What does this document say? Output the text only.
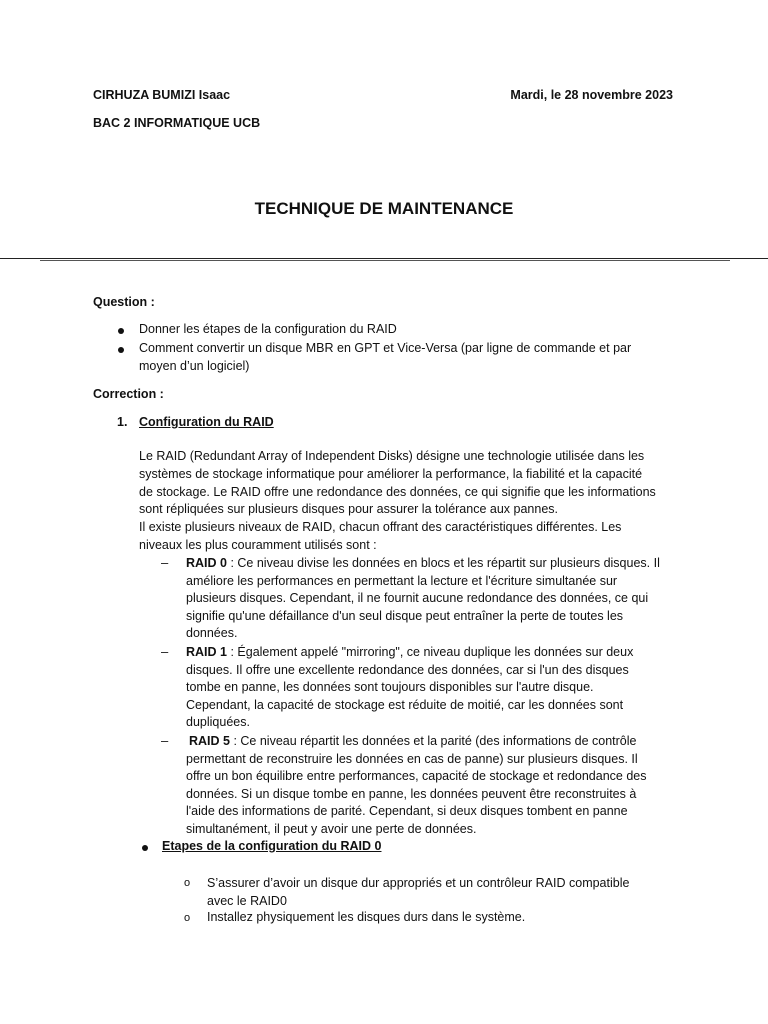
CIRHUZA BUMIZI Isaac	Mardi, le 28 novembre 2023
BAC 2 INFORMATIQUE UCB
TECHNIQUE DE MAINTENANCE
Question :
Donner les étapes de la configuration du RAID
Comment convertir un disque MBR en GPT et Vice-Versa (par ligne de commande et par
moyen d’un logiciel)
Correction :
1. Configuration du RAID
Le RAID (Redundant Array of Independent Disks) désigne une technologie utilisée dans les
systèmes de stockage informatique pour améliorer la performance, la fiabilité et la capacité
de stockage. Le RAID offre une redondance des données, ce qui signifie que les informations
sont répliquées sur plusieurs disques pour assurer la tolérance aux pannes.
Il existe plusieurs niveaux de RAID, chacun offrant des caractéristiques différentes. Les
niveaux les plus couramment utilisés sont :
– RAID 0 : Ce niveau divise les données en blocs et les répartit sur plusieurs disques. Il
améliore les performances en permettant la lecture et l'écriture simultanée sur
plusieurs disques. Cependant, il ne fournit aucune redondance des données, ce qui
signifie qu'une défaillance d'un seul disque peut entraîner la perte de toutes les
données.
– RAID 1 : Également appelé "mirroring", ce niveau duplique les données sur deux
disques. Il offre une excellente redondance des données, car si l'un des disques
tombe en panne, les données sont toujours disponibles sur l'autre disque.
Cependant, la capacité de stockage est réduite de moitié, car les données sont
dupliquées.
– RAID 5 : Ce niveau répartit les données et la parité (des informations de contrôle
permettant de reconstruire les données en cas de panne) sur plusieurs disques. Il
offre un bon équilibre entre performances, capacité de stockage et redondance des
données. Si un disque tombe en panne, les données peuvent être reconstruites à
l'aide des informations de parité. Cependant, si deux disques tombent en panne
simultanément, il peut y avoir une perte de données.
Etapes de la configuration du RAID 0
o S’assurer d’avoir un disque dur appropriés et un contrôleur RAID compatible
avec le RAID0
o Installez physiquement les disques durs dans le système.
